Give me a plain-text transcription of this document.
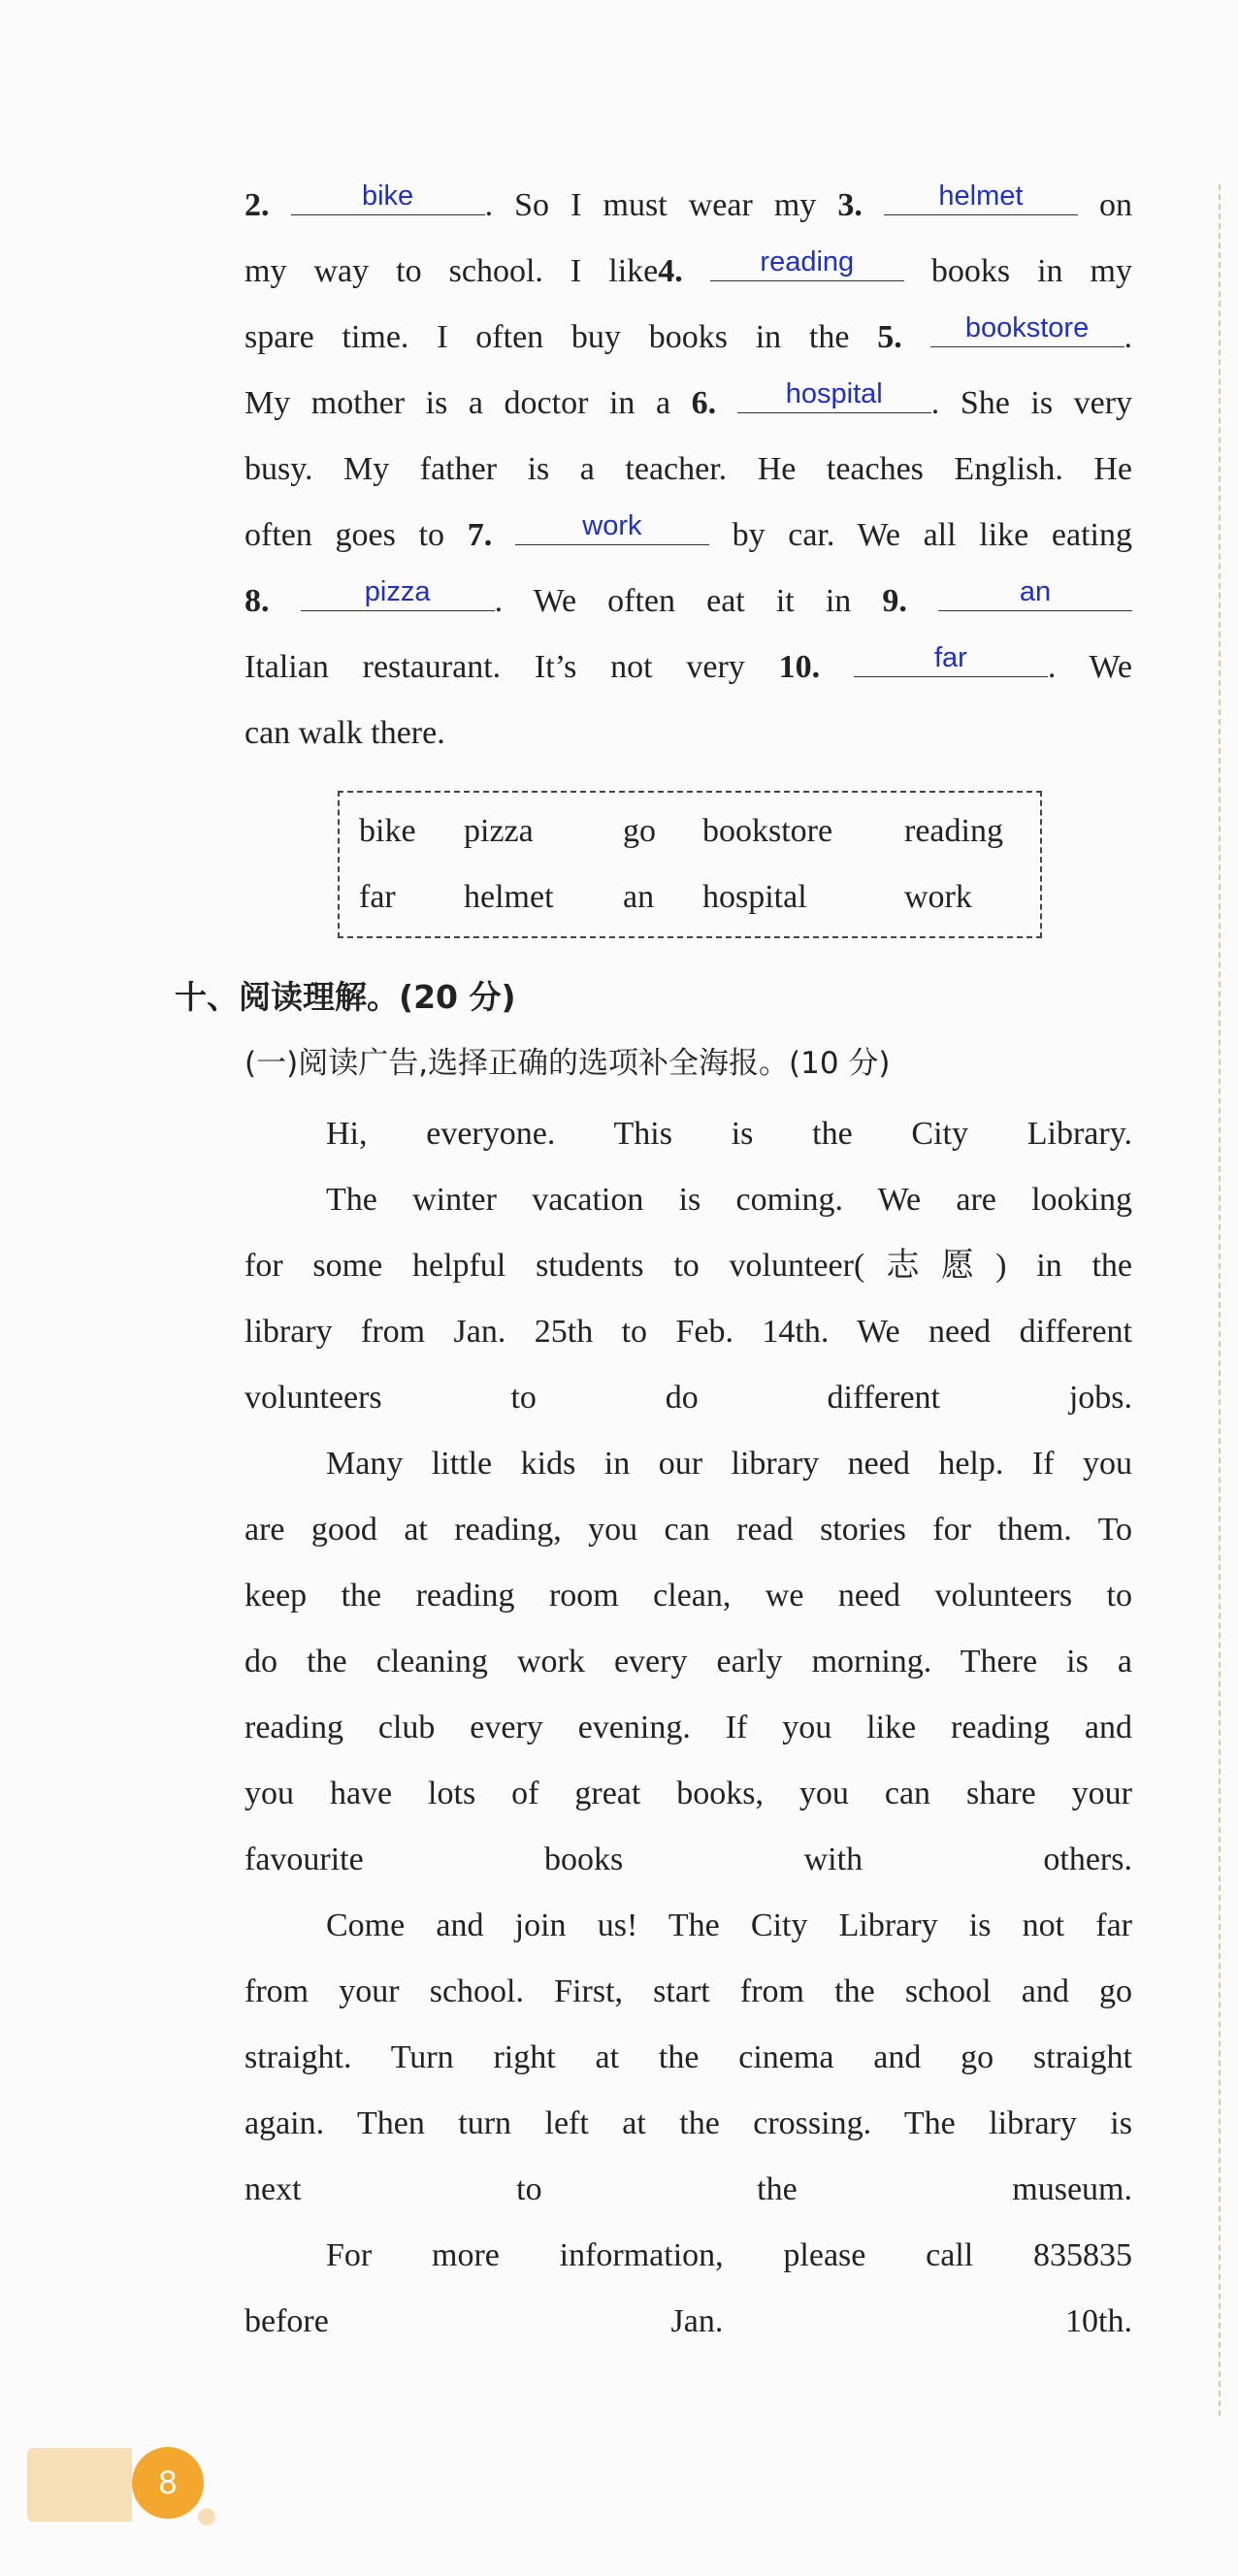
2.	bike	. So I must wear my 3.	helmet	on
my way to school. I like4.	reading	books in my
spare time. I often buy books in the 5.	bookstore	.
My mother is a doctor in a 6.	hospital	. She is very
busy. My father is a teacher. He teaches English. He
often goes to 7.	work	by car. We all like eating
8.	pizza	. We often eat it in 9.	an
Italian restaurant. It’s not very 10.	far	. We
can walk there.
bike pizza	go bookstore reading
far helmet an hospital	work
十、阅读理解。(20 分)
(一)阅读广告,选择正确的选项补全海报。(10 分)
Hi, everyone. This is the City Library.
The winter vacation is coming. We are looking
for some helpful students to volunteer(志愿) in the
library from Jan. 25th to Feb. 14th. We need different
volunteers to do different jobs.
Many little kids in our library need help. If you
are good at reading, you can read stories for them. To
keep the reading room clean, we need volunteers to
do the cleaning work every early morning. There is a
reading club every evening. If you like reading and
you have lots of great books, you can share your
favourite books with others.
Come and join us! The City Library is not far
from your school. First, start from the school and go
straight. Turn right at the cinema and go straight
again. Then turn left at the crossing. The library is
next to the museum.
For more information, please call 835835
before Jan. 10th.
8
